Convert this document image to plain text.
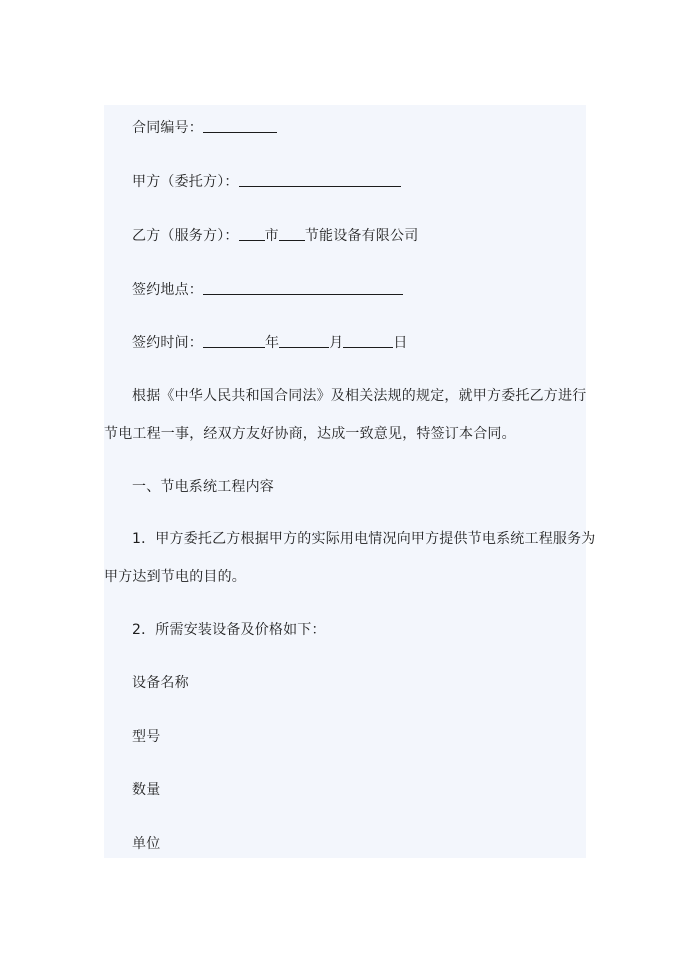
合同编号：
甲方（委托方）：
乙方（服务方）： 市 节能设备有限公司
签约地点：
签约时间：	年	月	日
根据《中华人民共和国合同法》及相关法规的规定，就甲方委托乙方进行
节电工程一事，经双方友好协商，达成一致意见，特签订本合同。
一、节电系统工程内容
1．甲方委托乙方根据甲方的实际用电情况向甲方提供节电系统工程服务为
甲方达到节电的目的。
2．所需安装设备及价格如下：
设备名称
型号
数量
单位
